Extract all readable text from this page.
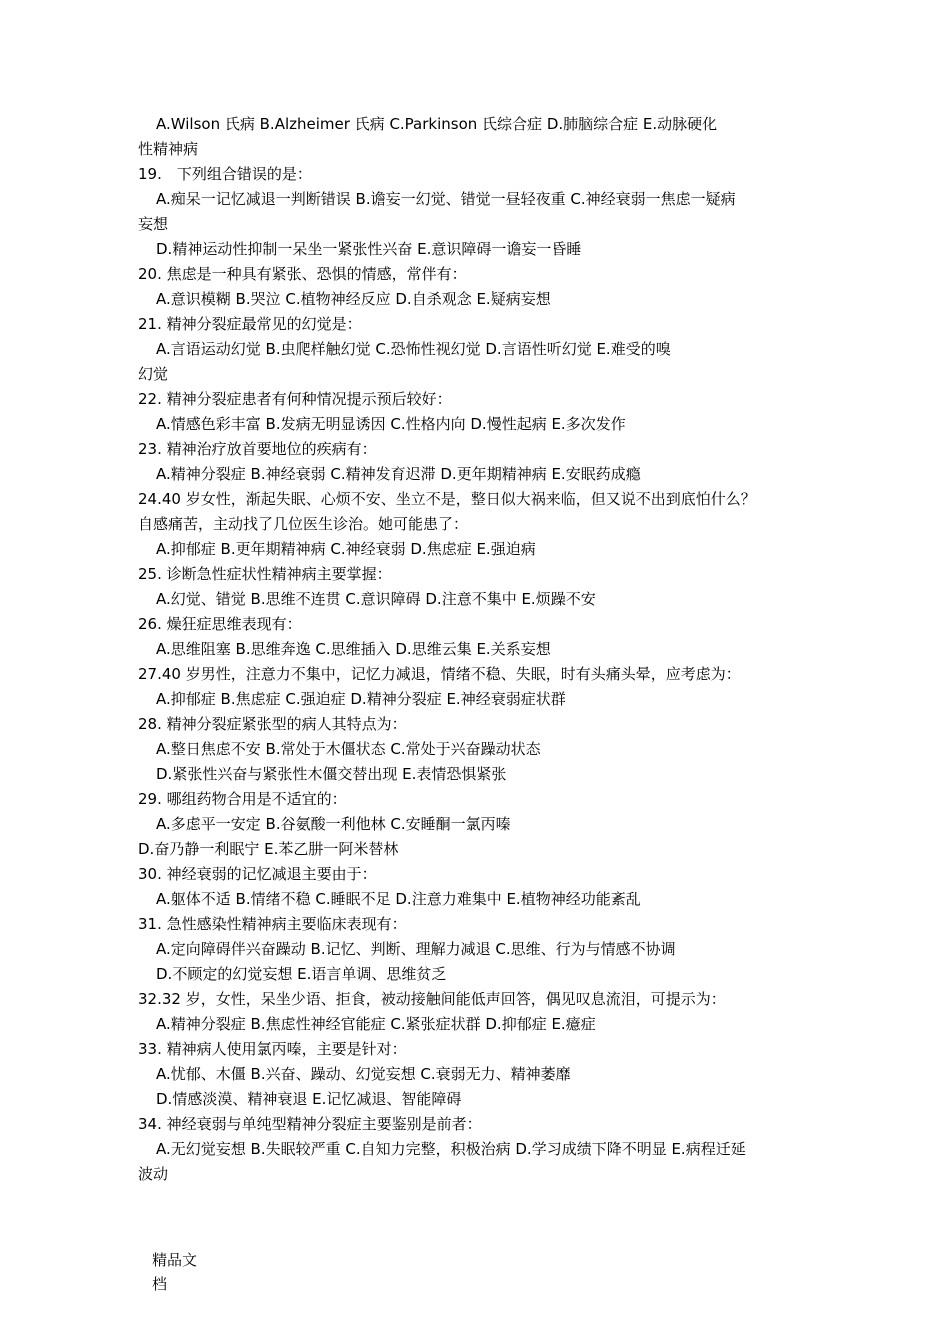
A.Wilson 氏病 B.Alzheimer 氏病 C.Parkinson 氏综合症 D.肺脑综合症 E.动脉硬化
性精神病
19.　下列组合错误的是：
A.痴呆一记忆减退一判断错误 B.谵妄一幻觉、错觉一昼轻夜重 C.神经衰弱一焦虑一疑病
妄想
D.精神运动性抑制一呆坐一紧张性兴奋 E.意识障碍一谵妄一昏睡
20. 焦虑是一种具有紧张、恐惧的情感，常伴有：
A.意识模糊 B.哭泣 C.植物神经反应 D.自杀观念 E.疑病妄想
21. 精神分裂症最常见的幻觉是：
A.言语运动幻觉 B.虫爬样触幻觉 C.恐怖性视幻觉 D.言语性听幻觉 E.难受的嗅
幻觉
22. 精神分裂症患者有何种情况提示预后较好：
A.情感色彩丰富 B.发病无明显诱因 C.性格内向 D.慢性起病 E.多次发作
23. 精神治疗放首要地位的疾病有：
A.精神分裂症 B.神经衰弱 C.精神发育迟滞 D.更年期精神病 E.安眠药成瘾
24.40 岁女性，渐起失眠、心烦不安、坐立不是，整日似大祸来临，但又说不出到底怕什么？
自感痛苦，主动找了几位医生诊治。她可能患了：
A.抑郁症 B.更年期精神病 C.神经衰弱 D.焦虑症 E.强迫病
25. 诊断急性症状性精神病主要掌握：
A.幻觉、错觉 B.思维不连贯 C.意识障碍 D.注意不集中 E.烦躁不安
26. 燥狂症思维表现有：
A.思维阻塞 B.思维奔逸 C.思维插入 D.思维云集 E.关系妄想
27.40 岁男性，注意力不集中，记忆力减退，情绪不稳、失眠，时有头痛头晕，应考虑为：
A.抑郁症 B.焦虑症 C.强迫症 D.精神分裂症 E.神经衰弱症状群
28. 精神分裂症紧张型的病人其特点为：
A.整日焦虑不安 B.常处于木僵状态 C.常处于兴奋躁动状态
D.紧张性兴奋与紧张性木僵交替出现 E.表情恐惧紧张
29. 哪组药物合用是不适宜的：
A.多虑平一安定 B.谷氨酸一利他林 C.安睡酮一氯丙嗪
D.奋乃静一利眠宁 E.苯乙肼一阿米替林
30. 神经衰弱的记忆减退主要由于：
A.躯体不适 B.情绪不稳 C.睡眠不足 D.注意力难集中 E.植物神经功能紊乱
31. 急性感染性精神病主要临床表现有：
A.定向障碍伴兴奋躁动 B.记忆、判断、理解力减退 C.思维、行为与情感不协调
D.不顾定的幻觉妄想 E.语言单调、思维贫乏
32.32 岁，女性，呆坐少语、拒食，被动接触间能低声回答，偶见叹息流泪，可提示为：
A.精神分裂症 B.焦虑性神经官能症 C.紧张症状群 D.抑郁症 E.癔症
33. 精神病人使用氯丙嗪，主要是针对：
A.忧郁、木僵 B.兴奋、躁动、幻觉妄想 C.衰弱无力、精神萎靡
D.情感淡漠、精神衰退 E.记忆减退、智能障碍
34. 神经衰弱与单纯型精神分裂症主要鉴别是前者：
A.无幻觉妄想 B.失眠较严重 C.自知力完整，积极治病 D.学习成绩下降不明显 E.病程迁延
波动
精品文
档
